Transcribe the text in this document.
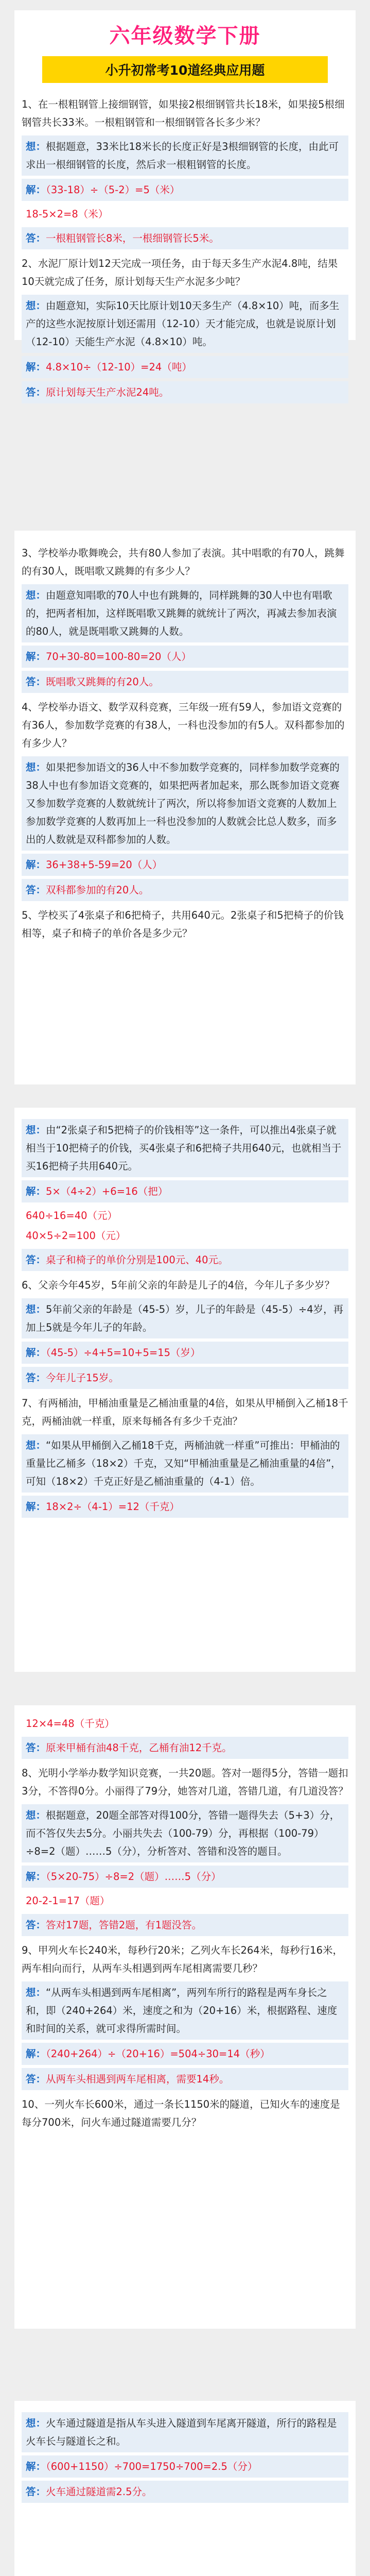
六年级数学下册
小升初常考10道经典应用题
1、在一根粗钢管上接细钢管，如果接2根细钢管共长18米，如果接5根细钢管共长33米。一根粗钢管和一根细钢管各长多少米？
想：根据题意，33米比18米长的长度正好是3根细钢管的长度，由此可求出一根细钢管的长度，然后求一根粗钢管的长度。
解：（33-18）÷（5-2）=5（米）
18-5×2=8（米）
答：一根粗钢管长8米，一根细钢管长5米。
2、水泥厂原计划12天完成一项任务，由于每天多生产水泥4.8吨，结果10天就完成了任务，原计划每天生产水泥多少吨？
想：由题意知，实际10天比原计划10天多生产（4.8×10）吨，而多生产的这些水泥按原计划还需用（12-10）天才能完成，也就是说原计划（12-10）天能生产水泥（4.8×10）吨。
解：4.8×10÷（12-10）=24（吨）
答：原计划每天生产水泥24吨。
3、学校举办歌舞晚会，共有80人参加了表演。其中唱歌的有70人，跳舞的有30人，既唱歌又跳舞的有多少人？
想：由题意知唱歌的70人中也有跳舞的，同样跳舞的30人中也有唱歌的，把两者相加，这样既唱歌又跳舞的就统计了两次，再减去参加表演的80人，就是既唱歌又跳舞的人数。
解：70+30-80=100-80=20（人）
答：既唱歌又跳舞的有20人。
4、学校举办语文、数学双科竞赛，三年级一班有59人，参加语文竞赛的有36人，参加数学竞赛的有38人，一科也没参加的有5人。双科都参加的有多少人？
想：如果把参加语文的36人中不参加数学竞赛的，同样参加数学竞赛的38人中也有参加语文竞赛的，如果把两者加起来，那么既参加语文竞赛又参加数学竞赛的人数就统计了两次，所以将参加语文竞赛的人数加上参加数学竞赛的人数再加上一科也没参加的人数就会比总人数多，而多出的人数就是双科都参加的人数。
解：36+38+5-59=20（人）
答：双科都参加的有20人。
5、学校买了4张桌子和6把椅子，共用640元。2张桌子和5把椅子的价钱相等，桌子和椅子的单价各是多少元？
想：由“2张桌子和5把椅子的价钱相等”这一条件，可以推出4张桌子就相当于10把椅子的价钱，买4张桌子和6把椅子共用640元，也就相当于买16把椅子共用640元。
解：5×（4÷2）+6=16（把）
640÷16=40（元）
40×5÷2=100（元）
答：桌子和椅子的单价分别是100元、40元。
6、父亲今年45岁，5年前父亲的年龄是儿子的4倍，今年儿子多少岁？
想：5年前父亲的年龄是（45-5）岁，儿子的年龄是（45-5）÷4岁，再加上5就是今年儿子的年龄。
解：（45-5）÷4+5=10+5=15（岁）
答：今年儿子15岁。
7、有两桶油，甲桶油重量是乙桶油重量的4倍，如果从甲桶倒入乙桶18千克，两桶油就一样重，原来每桶各有多少千克油？
想：“如果从甲桶倒入乙桶18千克，两桶油就一样重”可推出：甲桶油的重量比乙桶多（18×2）千克，又知“甲桶油重量是乙桶油重量的4倍”，可知（18×2）千克正好是乙桶油重量的（4-1）倍。
解：18×2÷（4-1）=12（千克）
12×4=48（千克）
答：原来甲桶有油48千克，乙桶有油12千克。
8、光明小学举办数学知识竞赛，一共20题。答对一题得5分，答错一题扣3分，不答得0分。小丽得了79分，她答对几道，答错几道，有几道没答？
想：根据题意，20题全部答对得100分，答错一题得失去（5+3）分，而不答仅失去5分。小丽共失去（100-79）分，再根据（100-79）÷8=2（题）……5（分），分析答对、答错和没答的题目。
解：（5×20-75）÷8=2（题）……5（分）
20-2-1=17（题）
答：答对17题，答错2题，有1题没答。
9、甲列火车长240米，每秒行20米；乙列火车长264米，每秒行16米，两车相向而行，从两车头相遇到两车尾相离需要几秒？
想：“从两车头相遇到两车尾相离”，两列车所行的路程是两车身长之和，即（240+264）米，速度之和为（20+16）米，根据路程、速度和时间的关系，就可求得所需时间。
解：（240+264）÷（20+16）=504÷30=14（秒）
答：从两车头相遇到两车尾相离，需要14秒。
10、一列火车长600米，通过一条长1150米的隧道，已知火车的速度是每分700米，问火车通过隧道需要几分？
想：火车通过隧道是指从车头进入隧道到车尾离开隧道，所行的路程是火车长与隧道长之和。
解：（600+1150）÷700=1750÷700=2.5（分）
答：火车通过隧道需2.5分。
